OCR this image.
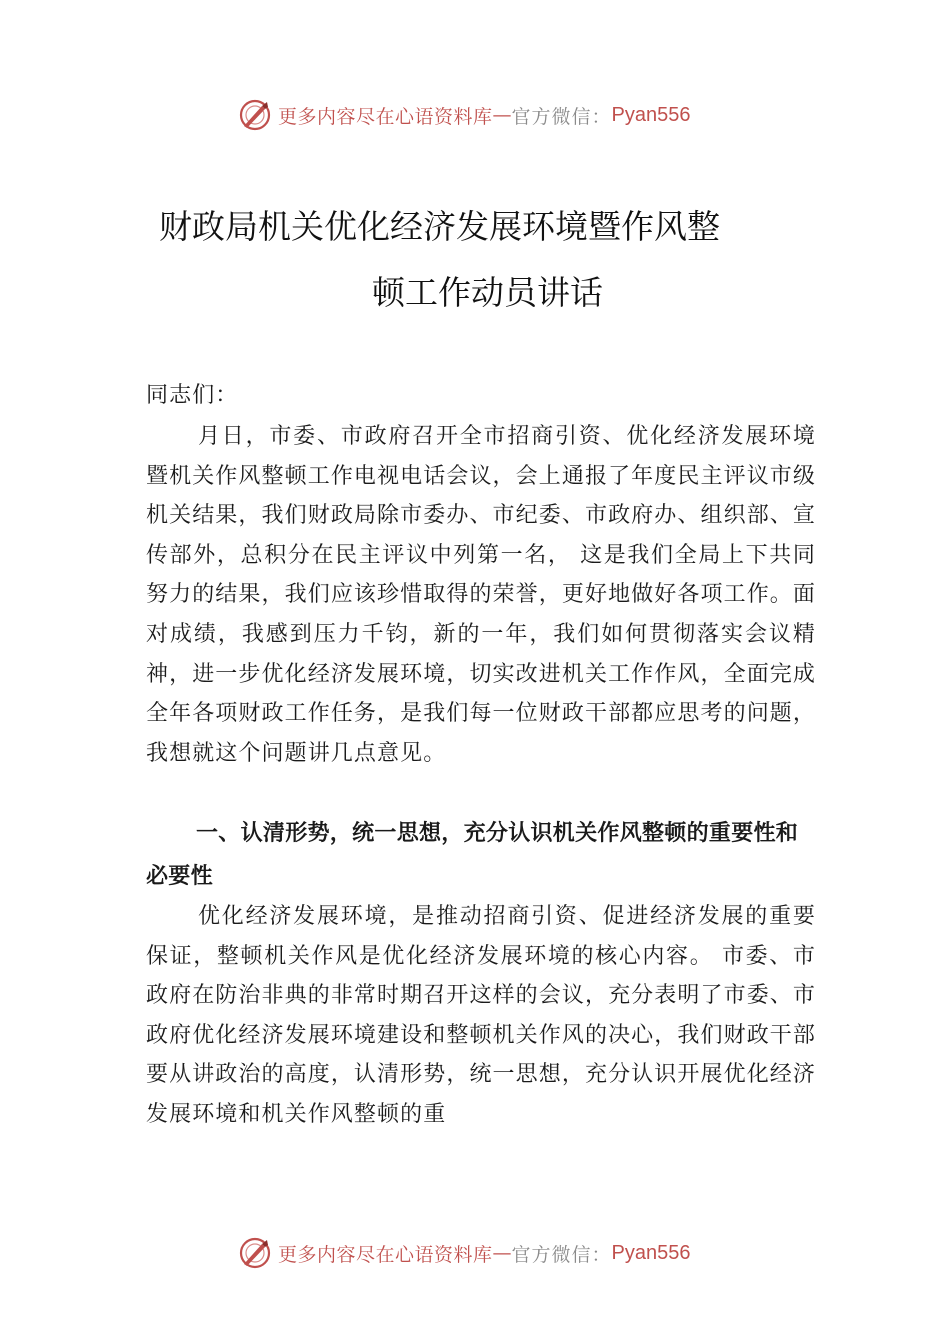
更多内容尽在心语资料库 — 官方微信： Pyan556
财政局机关优化经济发展环境暨作风整
顿工作动员讲话
同志们：
月日，市委、市政府召开全市招商引资、优化经济发展环境暨机关作风整顿工作电视电话会议，会上通报了年度民主评议市级机关结果，我们财政局除市委办、市纪委、市政府办、组织部、宣传部外，总积分在民主评议中列第一名， 这是我们全局上下共同努力的结果，我们应该珍惜取得的荣誉，更好地做好各项工作。面对成绩，我感到压力千钧，新的一年，我们如何贯彻落实会议精神，进一步优化经济发展环境，切实改进机关工作作风，全面完成全年各项财政工作任务，是我们每一位财政干部都应思考的问题，我想就这个问题讲几点意见。
一、认清形势，统一思想，充分认识机关作风整顿的重要性和必要性
优化经济发展环境，是推动招商引资、促进经济发展的重要保证，整顿机关作风是优化经济发展环境的核心内容。 市委、市政府在防治非典的非常时期召开这样的会议，充分表明了市委、市政府优化经济发展环境建设和整顿机关作风的决心，我们财政干部要从讲政治的高度，认清形势，统一思想，充分认识开展优化经济发展环境和机关作风整顿的重
更多内容尽在心语资料库 — 官方微信： Pyan556
